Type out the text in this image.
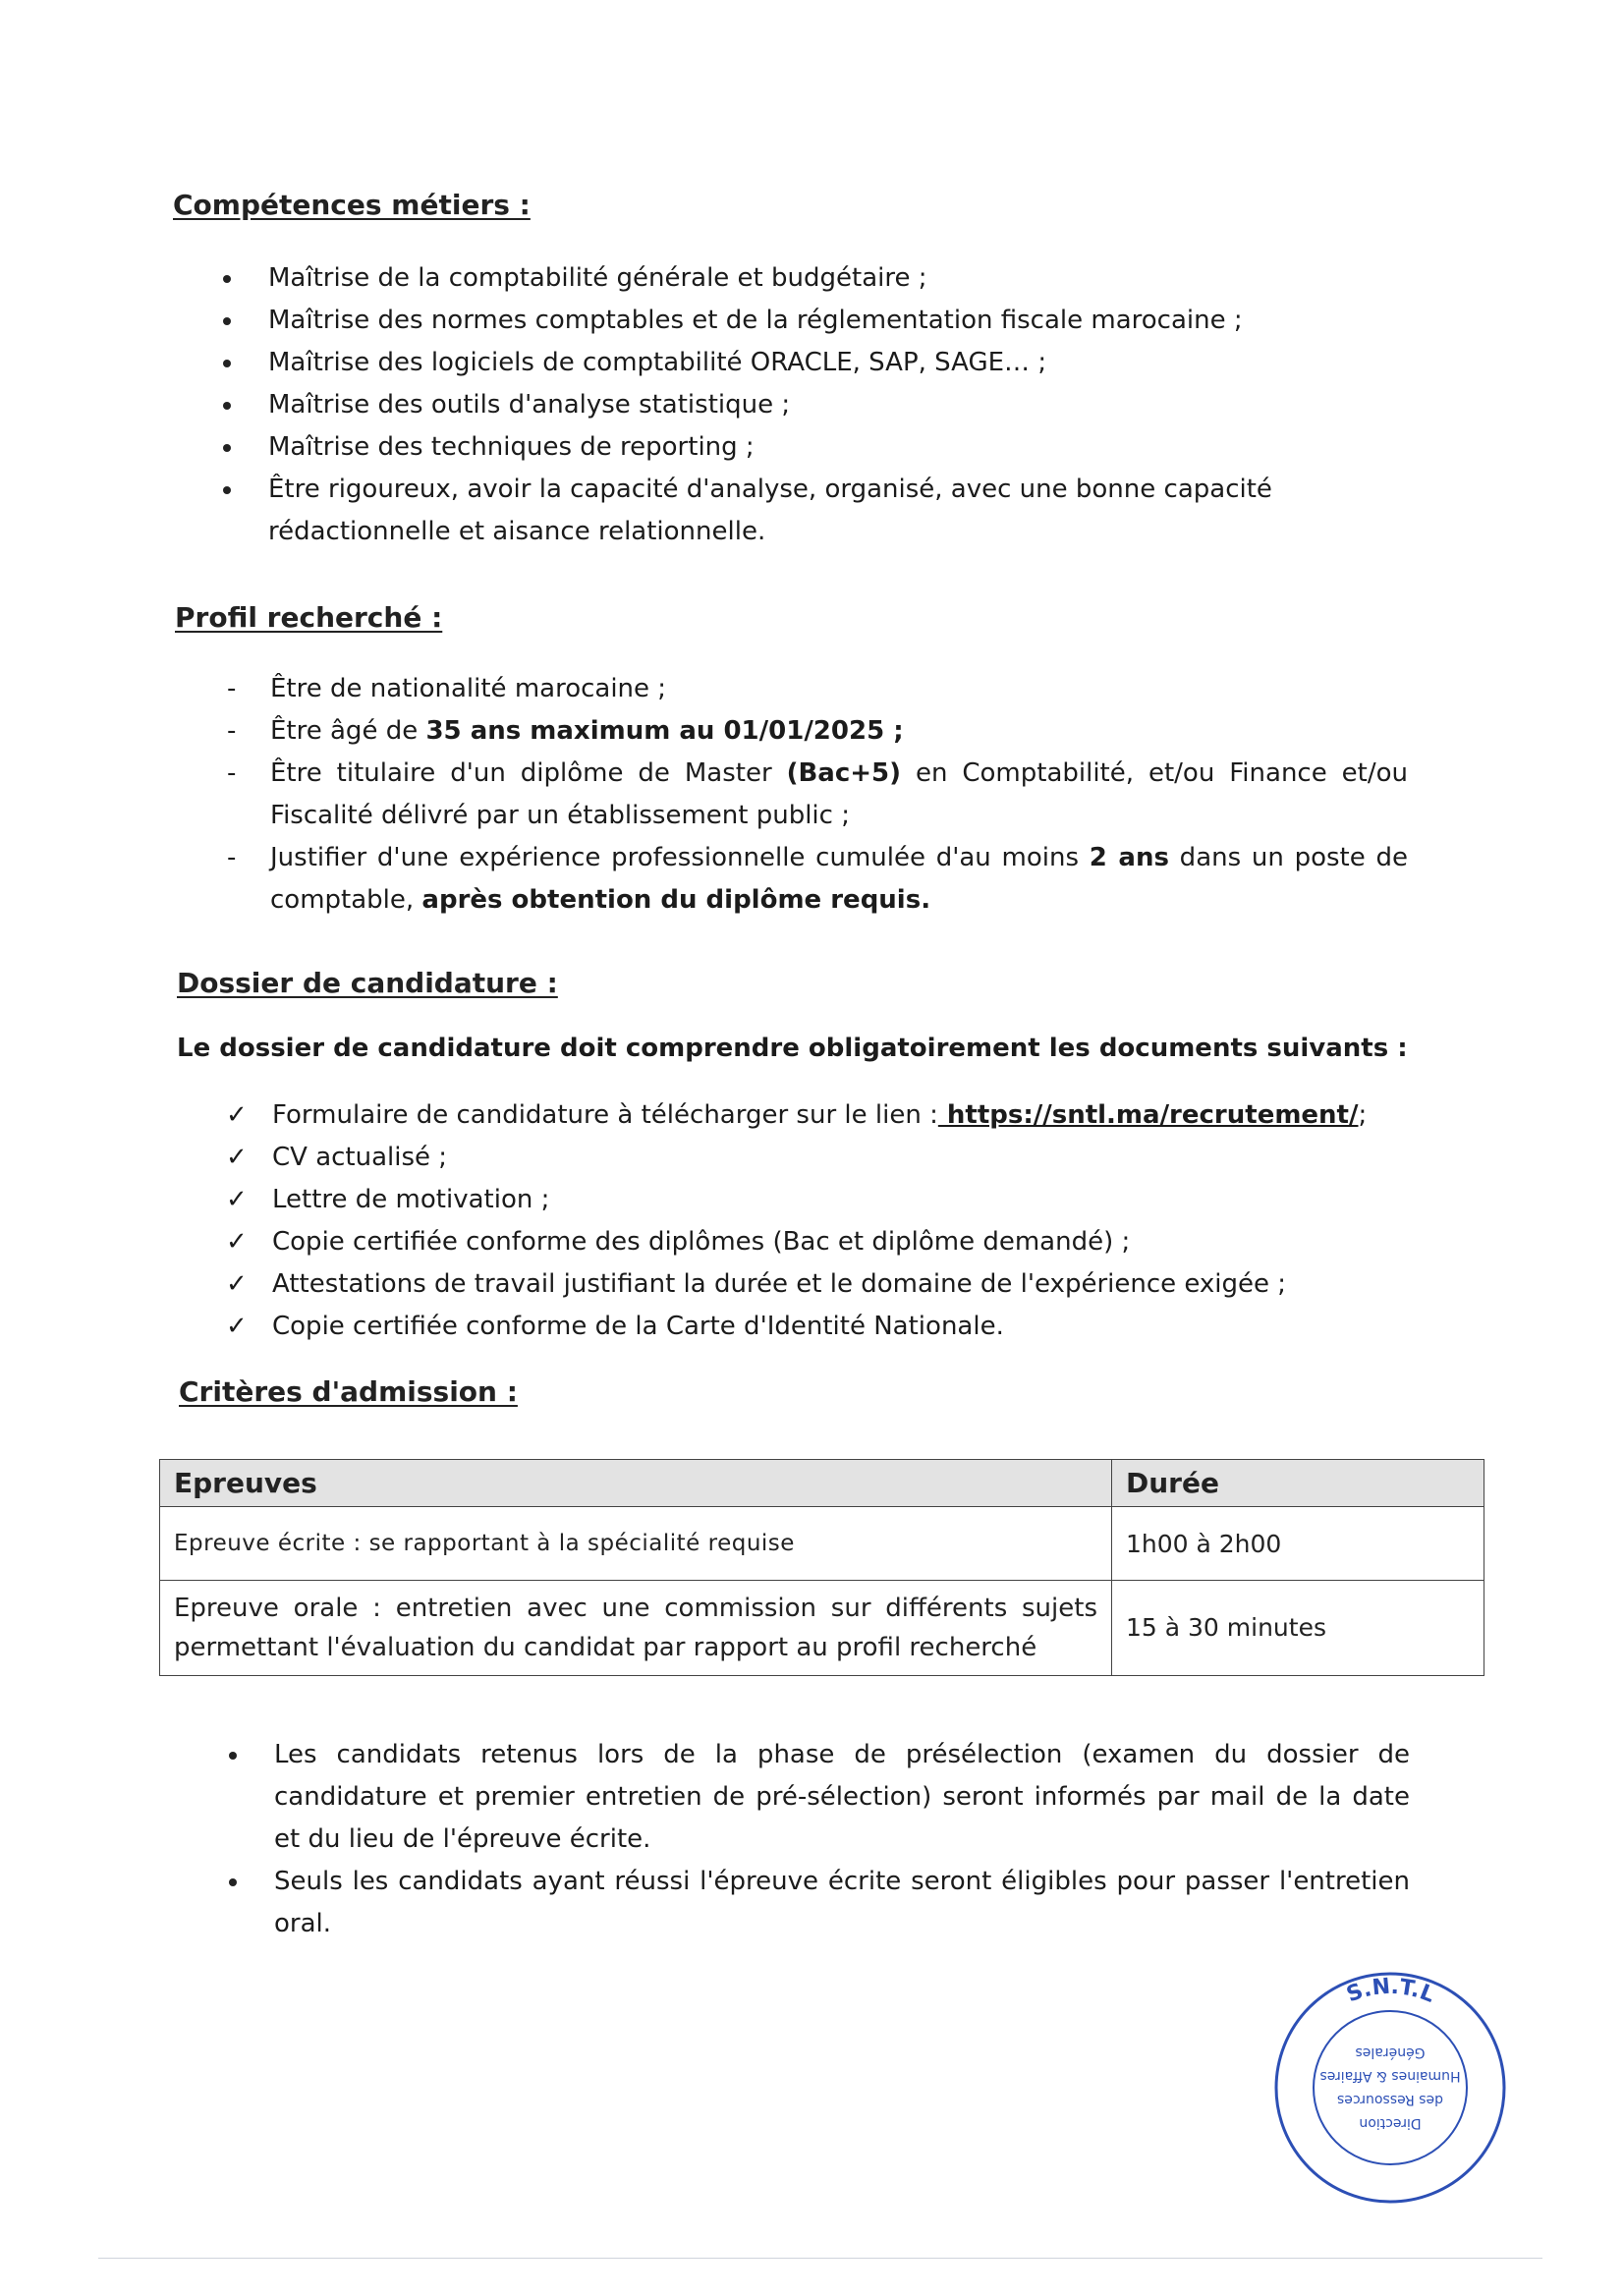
Compétences métiers :
Maîtrise de la comptabilité générale et budgétaire ;
Maîtrise des normes comptables et de la réglementation fiscale marocaine ;
Maîtrise des logiciels de comptabilité ORACLE, SAP, SAGE… ;
Maîtrise des outils d'analyse statistique ;
Maîtrise des techniques de reporting ;
Être rigoureux, avoir la capacité d'analyse, organisé, avec une bonne capacité rédactionnelle et aisance relationnelle.
Profil recherché :
- Être de nationalité marocaine ;
- Être âgé de 35 ans maximum au 01/01/2025 ;
- Être titulaire d'un diplôme de Master (Bac+5) en Comptabilité, et/ou Finance et/ou Fiscalité délivré par un établissement public ;
- Justifier d'une expérience professionnelle cumulée d'au moins 2 ans dans un poste de comptable, après obtention du diplôme requis.
Dossier de candidature :

Le dossier de candidature doit comprendre obligatoirement les documents suivants :

✓ Formulaire de candidature à télécharger sur le lien : https://sntl.ma/recrutement/;
✓ CV actualisé ;
✓ Lettre de motivation ;
✓ Copie certifiée conforme des diplômes (Bac et diplôme demandé) ;
✓ Attestations de travail justifiant la durée et le domaine de l'expérience exigée ;
✓ Copie certifiée conforme de la Carte d'Identité Nationale.
Critères d'admission :
Epreuves	Durée
Epreuve écrite : se rapportant à la spécialité requise	1h00 à 2h00
Epreuve orale : entretien avec une commission sur différents sujets permettant l'évaluation du candidat par rapport au profil recherché	15 à 30 minutes
Les candidats retenus lors de la phase de présélection (examen du dossier de candidature et premier entretien de pré-sélection) seront informés par mail de la date et du lieu de l'épreuve écrite.
Seuls les candidats ayant réussi l'épreuve écrite seront éligibles pour passer l'entretien oral.
S.N.T.L
Direction
des Ressources
Humaines & Affaires
Générales
